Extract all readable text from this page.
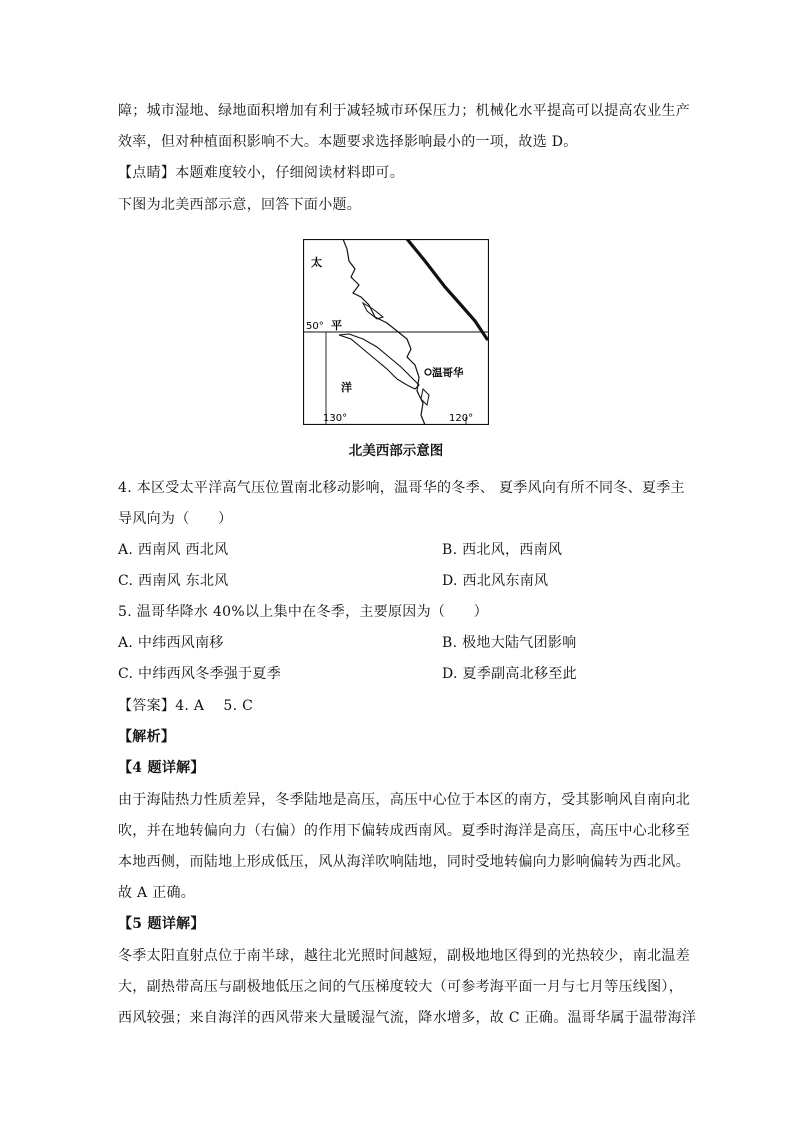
障；城市湿地、绿地面积增加有利于减轻城市环保压力；机械化水平提高可以提高农业生产
效率，但对种植面积影响不大。本题要求选择影响最小的一项，故选 D。
【点睛】本题难度较小，仔细阅读材料即可。
下图为北美西部示意，回答下面小题。
太
50° 平
洋
温哥华
130°	120°
北美西部示意图
4. 本区受太平洋高气压位置南北移动影响，温哥华的冬季、 夏季风向有所不同冬、夏季主
导风向为（　　）
A. 西南风 西北风	B. 西北风，西南风
C. 西南风 东北风	D. 西北风东南风
5. 温哥华降水 40%以上集中在冬季，主要原因为（　　）
A. 中纬西风南移	B. 极地大陆气团影响
C. 中纬西风冬季强于夏季	D. 夏季副高北移至此
【答案】4. A　 5. C
【解析】
【4 题详解】
由于海陆热力性质差异，冬季陆地是高压，高压中心位于本区的南方，受其影响风自南向北
吹，并在地转偏向力（右偏）的作用下偏转成西南风。夏季时海洋是高压，高压中心北移至
本地西侧，而陆地上形成低压，风从海洋吹响陆地，同时受地转偏向力影响偏转为西北风。
故 A 正确。
【5 题详解】
冬季太阳直射点位于南半球，越往北光照时间越短，副极地地区得到的光热较少，南北温差
大，副热带高压与副极地低压之间的气压梯度较大（可参考海平面一月与七月等压线图），
西风较强；来自海洋的西风带来大量暖湿气流，降水增多，故 C 正确。温哥华属于温带海洋
